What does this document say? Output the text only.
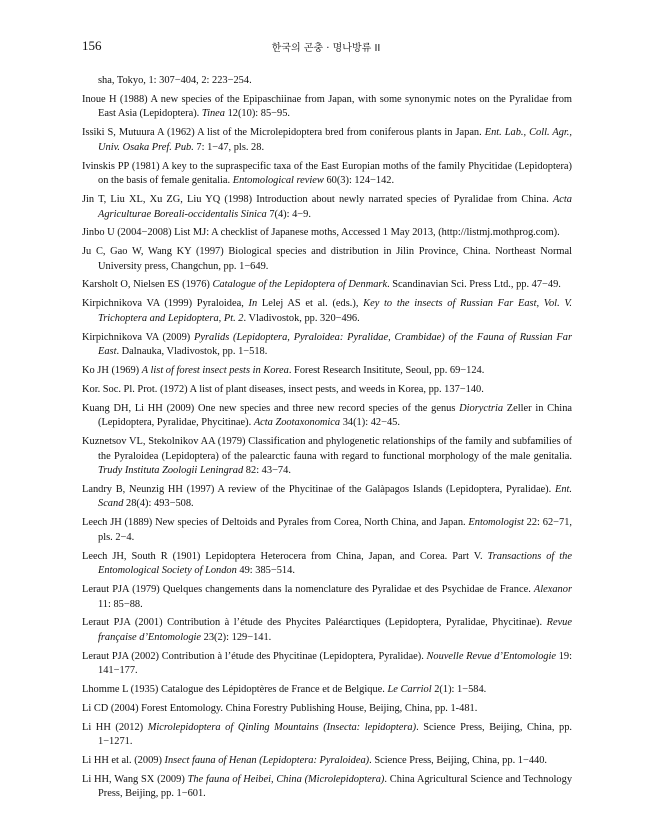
156	한국의 곤충 · 명나방류 II
sha, Tokyo, 1: 307−404, 2: 223−254.
Inoue H (1988) A new species of the Epipaschiinae from Japan, with some synonymic notes on the Pyralidae from East Asia (Lepidoptera). Tinea 12(10): 85−95.
Issiki S, Mutuura A (1962) A list of the Microlepidoptera bred from coniferous plants in Japan. Ent. Lab., Coll. Agr., Univ. Osaka Pref. Pub. 7: 1−47, pls. 28.
Ivinskis PP (1981) A key to the supraspecific taxa of the East Europian moths of the family Phycitidae (Lepidoptera) on the basis of female genitalia. Entomological review 60(3): 124−142.
Jin T, Liu XL, Xu ZG, Liu YQ (1998) Introduction about newly narrated species of Pyralidae from China. Acta Agriculturae Boreali-occidentalis Sinica 7(4): 4−9.
Jinbo U (2004−2008) List MJ: A checklist of Japanese moths, Accessed 1 May 2013, (http://listmj.mothprog.com).
Ju C, Gao W, Wang KY (1997) Biological species and distribution in Jilin Province, China. Northeast Normal University press, Changchun, pp. 1−649.
Karsholt O, Nielsen ES (1976) Catalogue of the Lepidoptera of Denmark. Scandinavian Sci. Press Ltd., pp. 47−49.
Kirpichnikova VA (1999) Pyraloidea, In Lelej AS et al. (eds.), Key to the insects of Russian Far East, Vol. V. Trichoptera and Lepidoptera, Pt. 2. Vladivostok, pp. 320−496.
Kirpichnikova VA (2009) Pyralids (Lepidoptera, Pyraloidea: Pyralidae, Crambidae) of the Fauna of Russian Far East. Dalnauka, Vladivostok, pp. 1−518.
Ko JH (1969) A list of forest insect pests in Korea. Forest Research Insititute, Seoul, pp. 69−124.
Kor. Soc. Pl. Prot. (1972) A list of plant diseases, insect pests, and weeds in Korea, pp. 137−140.
Kuang DH, Li HH (2009) One new species and three new record species of the genus Dioryctria Zeller in China (Lepidoptera, Pyralidae, Phycitinae). Acta Zootaxonomica 34(1): 42−45.
Kuznetsov VL, Stekolnikov AA (1979) Classification and phylogenetic relationships of the family and subfamilies of the Pyraloidea (Lepidoptera) of the palearctic fauna with regard to functional morphology of the male genitalia. Trudy Instituta Zoologii Leningrad 82: 43−74.
Landry B, Neunzig HH (1997) A review of the Phycitinae of the Galàpagos Islands (Lepidoptera, Pyralidae). Ent. Scand 28(4): 493−508.
Leech JH (1889) New species of Deltoids and Pyrales from Corea, North China, and Japan. Entomologist 22: 62−71, pls. 2−4.
Leech JH, South R (1901) Lepidoptera Heterocera from China, Japan, and Corea. Part V. Transactions of the Entomological Society of London 49: 385−514.
Leraut PJA (1979) Quelques changements dans la nomenclature des Pyralidae et des Psychidae de France. Alexanor 11: 85−88.
Leraut PJA (2001) Contribution à l’étude des Phycites Paléarctiques (Lepidoptera, Pyralidae, Phycitinae). Revue française d’Entomologie 23(2): 129−141.
Leraut PJA (2002) Contribution à l’étude des Phycitinae (Lepidoptera, Pyralidae). Nouvelle Revue d’Entomologie 19: 141−177.
Lhomme L (1935) Catalogue des Lépidoptères de France et de Belgique. Le Carriol 2(1): 1−584.
Li CD (2004) Forest Entomology. China Forestry Publishing House, Beijing, China, pp. 1-481.
Li HH (2012) Microlepidoptera of Qinling Mountains (Insecta: lepidoptera). Science Press, Beijing, China, pp. 1−1271.
Li HH et al. (2009) Insect fauna of Henan (Lepidoptera: Pyraloidea). Science Press, Beijing, China, pp. 1−440.
Li HH, Wang SX (2009) The fauna of Heibei, China (Microlepidoptera). China Agricultural Science and Technology Press, Beijing, pp. 1−601.
